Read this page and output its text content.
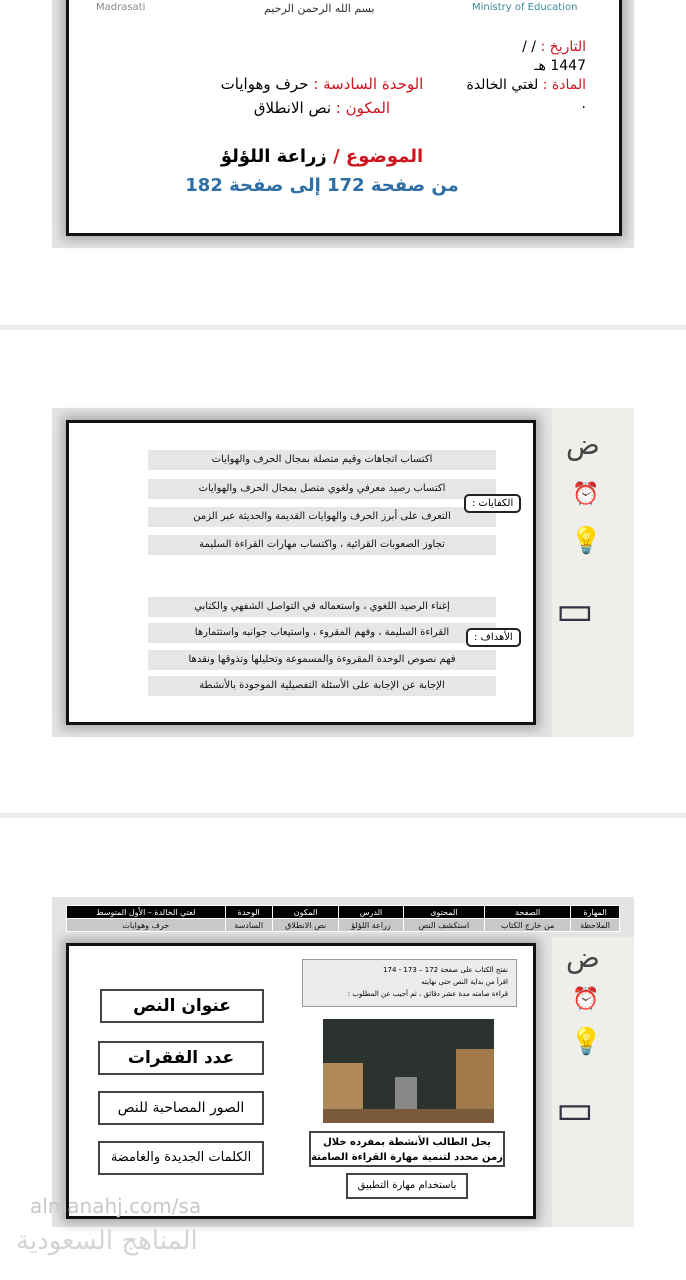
Madrasati	Ministry of Education
بسم الله الرحمن الرحيم
التاريخ : / /
1447 هـ
المادة : لغتي الخالدة .
الوحدة السادسة : حرف وهوايات
المكون : نص الانطلاق
الموضوع / زراعة اللؤلؤ
من صفحة 172 إلى صفحة 182
ض
⏰
💡
▭
اكتساب اتجاهات وقيم متصلة بمجال الحرف والهوايات
اكتساب رصيد معرفي ولغوي متصل بمجال الحرف والهوايات
التعرف على أبرز الحرف والهوايات القديمة والحديثة عبر الزمن
تجاوز الصعوبات القرائية ، واكتساب مهارات القراءة السليمة
الكفايات :
إغناء الرصيد اللغوي ، واستعماله في التواصل الشفهي والكتابي
القراءة السليمة ، وفهم المقروء ، واستيعاب جوانبه واستثمارها
فهم نصوص الوحدة المقروءة والمسموعة وتحليلها وتذوقها ونقدها
الإجابة عن الإجابة على الأسئلة التفصيلية الموجودة بالأنشطة
الأهداف :
ض
⏰
💡
▭
المهارة	الصفحة	المحتوى	الدرس	المكون	الوحدة	لغتي الخالدة – الأول المتوسط
الملاحظة	من خارج الكتاب	استكشف النص	زراعة اللؤلؤ	نص الانطلاق	السادسة	حرف وهوايات
نفتح الكتاب على صفحة 172 – 173 - 174
اقرأ من بداية النص حتى نهايته
قراءة صامته مدة عشر دقائق ، ثم أجيب عن المطلوب :
يحل الطالب الأنشطة بمفرده خلال زمن محدد لتنمية مهارة القراءة الصامتة
باستخدام مهارة التطبيق
عنوان النص
عدد الفقرات
الصور المصاحبة للنص
الكلمات الجديدة والغامضة
almanahj.com/sa
المناهج السعودية
